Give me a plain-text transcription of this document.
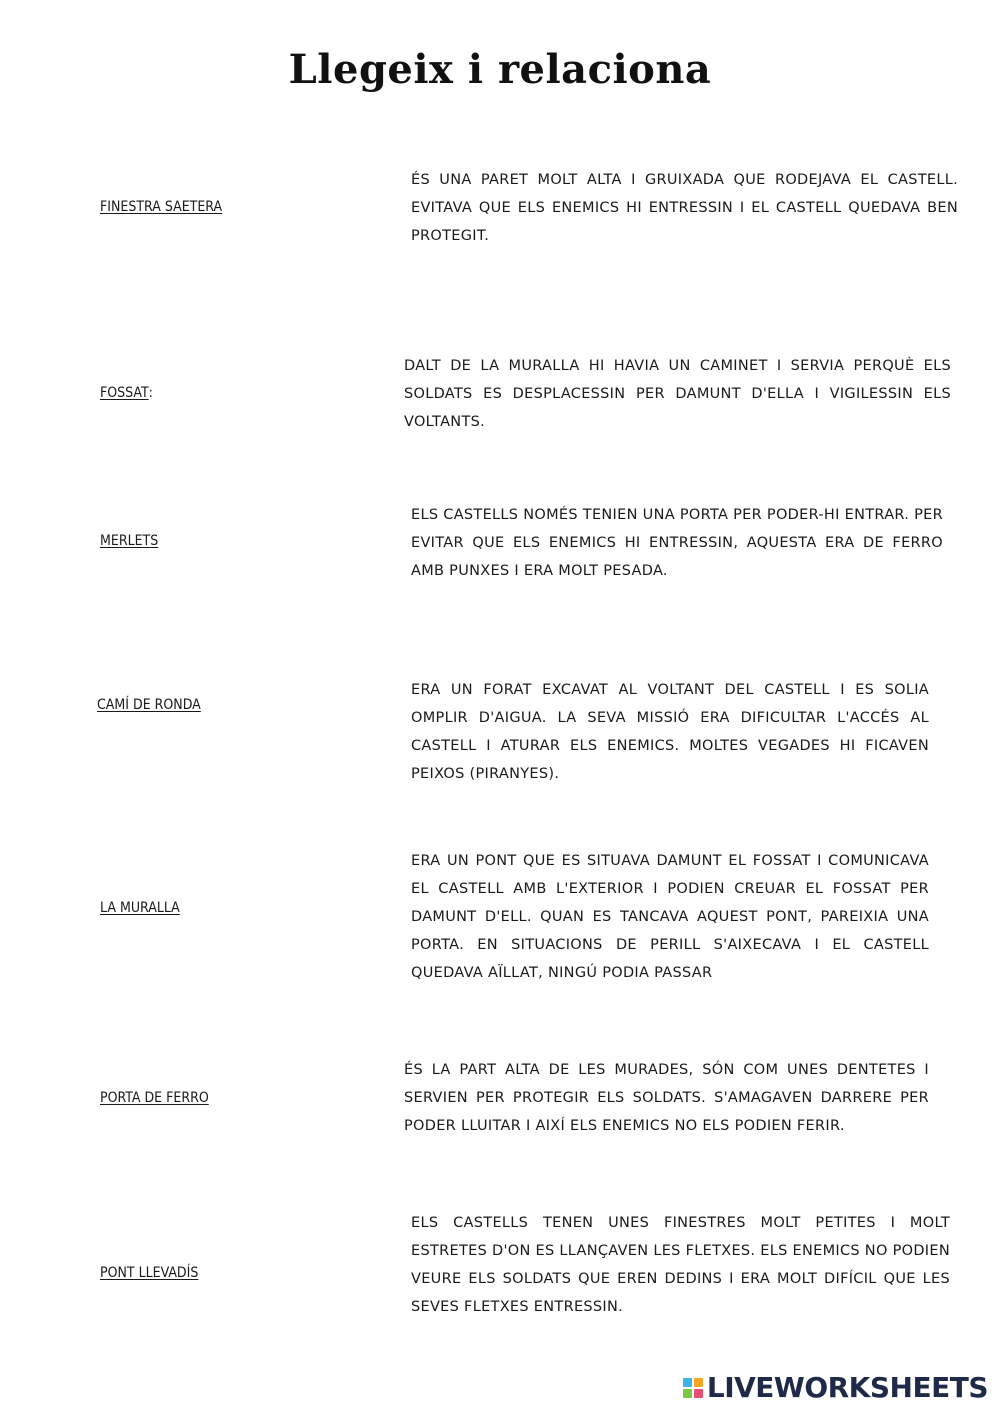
Llegeix i relaciona
FINESTRA SAETERA
FOSSAT:
MERLETS
CAMÍ DE RONDA
LA MURALLA
PORTA DE FERRO
PONT LLEVADÍS
ÉS UNA PARET MOLT ALTA I GRUIXADA QUE RODEJAVA EL CASTELL. EVITAVA QUE ELS ENEMICS HI ENTRESSIN I EL CASTELL QUEDAVA BEN PROTEGIT.
DALT DE LA MURALLA HI HAVIA UN CAMINET I SERVIA PERQUÈ ELS SOLDATS ES DESPLACESSIN PER DAMUNT D'ELLA I VIGILESSIN ELS VOLTANTS.
ELS CASTELLS NOMÉS TENIEN UNA PORTA PER PODER-HI ENTRAR. PER EVITAR QUE ELS ENEMICS HI ENTRESSIN, AQUESTA ERA DE FERRO AMB PUNXES I ERA MOLT PESADA.
ERA UN FORAT EXCAVAT AL VOLTANT DEL CASTELL I ES SOLIA OMPLIR D'AIGUA. LA SEVA MISSIÓ ERA DIFICULTAR L'ACCÉS AL CASTELL I ATURAR ELS ENEMICS. MOLTES VEGADES HI FICAVEN PEIXOS (PIRANYES).
ERA UN PONT QUE ES SITUAVA DAMUNT EL FOSSAT I COMUNICAVA EL CASTELL AMB L'EXTERIOR I PODIEN CREUAR EL FOSSAT PER DAMUNT D'ELL. QUAN ES TANCAVA AQUEST PONT, PAREIXIA UNA PORTA. EN SITUACIONS DE PERILL S'AIXECAVA I EL CASTELL QUEDAVA AÏLLAT, NINGÚ PODIA PASSAR
ÉS LA PART ALTA DE LES MURADES, SÓN COM UNES DENTETES I SERVIEN PER PROTEGIR ELS SOLDATS. S'AMAGAVEN DARRERE PER PODER LLUITAR I AIXÍ ELS ENEMICS NO ELS PODIEN FERIR.
ELS CASTELLS TENEN UNES FINESTRES MOLT PETITES I MOLT ESTRETES D'ON ES LLANÇAVEN LES FLETXES. ELS ENEMICS NO PODIEN VEURE ELS SOLDATS QUE EREN DEDINS I ERA MOLT DIFÍCIL QUE LES SEVES FLETXES ENTRESSIN.
LIVEWORKSHEETS
